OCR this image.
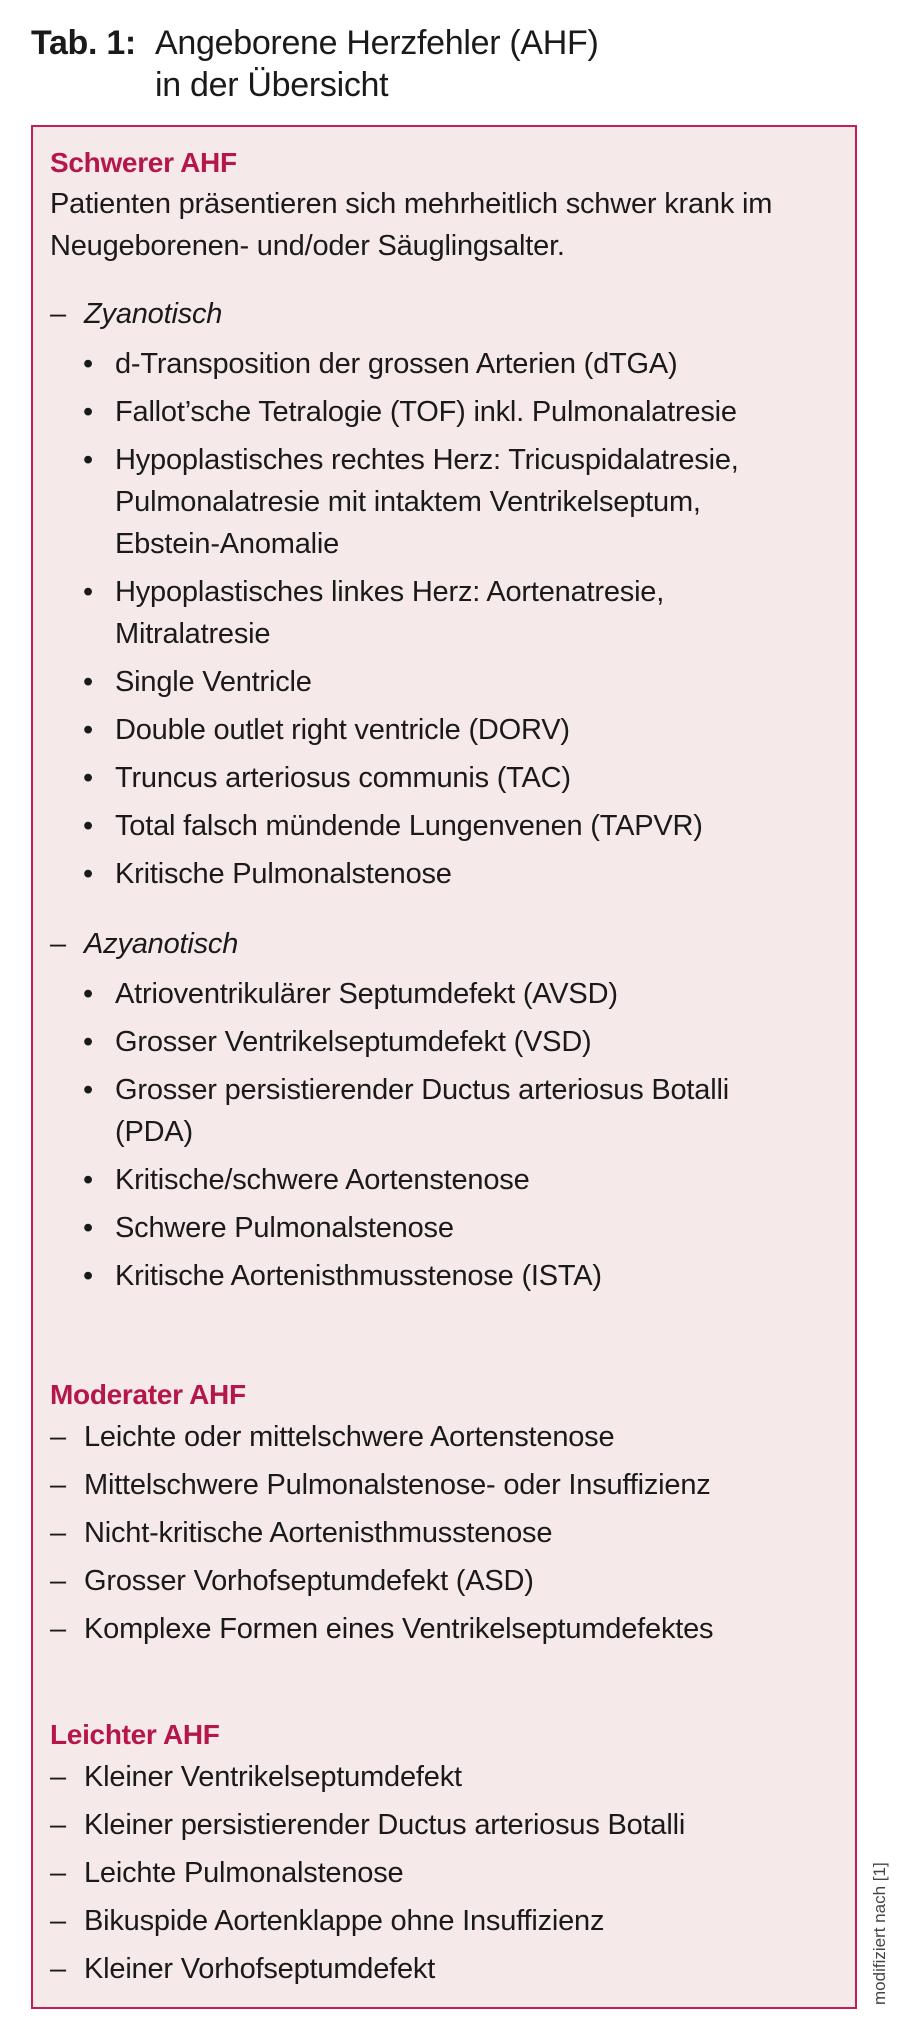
Tab. 1: Angeborene Herzfehler (AHF)
in der Übersicht
Schwerer AHF
Patienten präsentieren sich mehrheitlich schwer krank im Neugeborenen- und/oder Säuglingsalter.
– Zyanotisch
• d-Transposition der grossen Arterien (dTGA)
• Fallot’sche Tetralogie (TOF) inkl. Pulmonalatresie
• Hypoplastisches rechtes Herz: Tricuspidalatresie,
Pulmonalatresie mit intaktem Ventrikelseptum,
Ebstein-Anomalie
• Hypoplastisches linkes Herz: Aortenatresie,
Mitralatresie
• Single Ventricle
• Double outlet right ventricle (DORV)
• Truncus arteriosus communis (TAC)
• Total falsch mündende Lungenvenen (TAPVR)
• Kritische Pulmonalstenose
– Azyanotisch
• Atrioventrikulärer Septumdefekt (AVSD)
• Grosser Ventrikelseptumdefekt (VSD)
• Grosser persistierender Ductus arteriosus Botalli
(PDA)
• Kritische/schwere Aortenstenose
• Schwere Pulmonalstenose
• Kritische Aortenisthmusstenose (ISTA)
Moderater AHF
– Leichte oder mittelschwere Aortenstenose
– Mittelschwere Pulmonalstenose- oder Insuffizienz
– Nicht-kritische Aortenisthmusstenose
– Grosser Vorhofseptumdefekt (ASD)
– Komplexe Formen eines Ventrikelseptumdefektes
Leichter AHF
– Kleiner Ventrikelseptumdefekt
– Kleiner persistierender Ductus arteriosus Botalli
– Leichte Pulmonalstenose
– Bikuspide Aortenklappe ohne Insuffizienz
– Kleiner Vorhofseptumdefekt	modifiziert nach [1]
